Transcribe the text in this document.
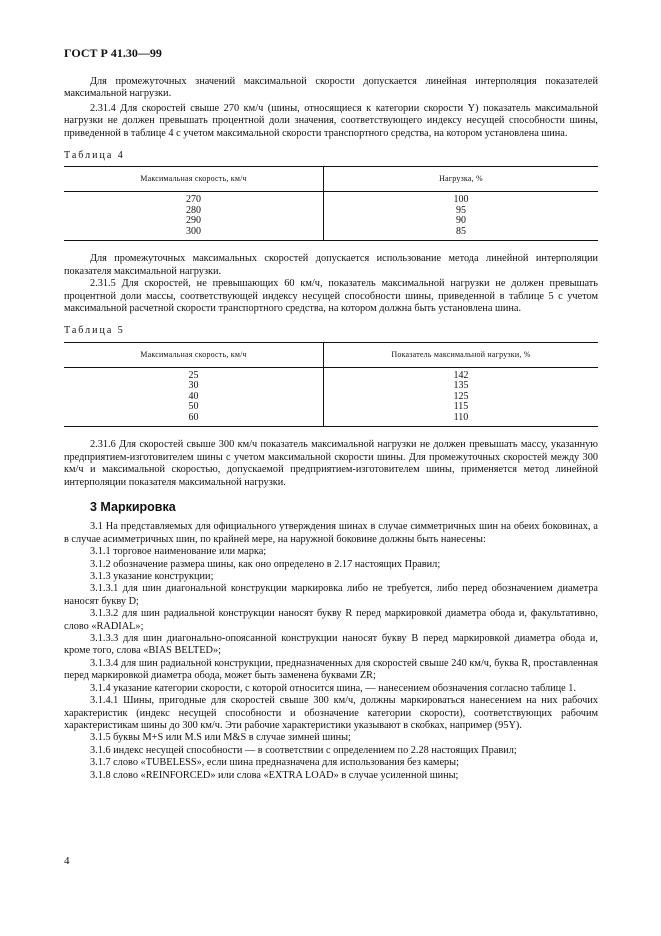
ГОСТ Р 41.30—99

Для промежуточных значений максимальной скорости допускается линейная интерполяция показателей максимальной нагрузки.

2.31.4 Для скоростей свыше 270 км/ч (шины, относящиеся к категории скорости Y) показатель максимальной нагрузки не должен превышать процентной доли значения, соответствующего индексу несущей способности шины, приведенной в таблице 4 с учетом максимальной скорости транспортного средства, на котором установлена шина.

Таблица 4

Максимальная скорость, км/ч	Нагрузка, %
270	100
280	95
290	90
300	85

Для промежуточных максимальных скоростей допускается использование метода линейной интерполяции показателя максимальной нагрузки.

2.31.5 Для скоростей, не превышающих 60 км/ч, показатель максимальной нагрузки не должен превышать процентной доли массы, соответствующей индексу несущей способности шины, приведенной в таблице 5 с учетом максимальной расчетной скорости транспортного средства, на котором должна быть установлена шина.

Таблица 5

Максимальная скорость, км/ч	Показатель максимальной нагрузки, %
25	142
30	135
40	125
50	115
60	110

2.31.6 Для скоростей свыше 300 км/ч показатель максимальной нагрузки не должен превышать массу, указанную предприятием-изготовителем шины с учетом максимальной скорости шины. Для промежуточных скоростей между 300 км/ч и максимальной скоростью, допускаемой предприятием-изготовителем шины, применяется метод линейной интерполяции показателя максимальной нагрузки.

3 Маркировка

3.1 На представляемых для официального утверждения шинах в случае симметричных шин на обеих боковинах, а в случае асимметричных шин, по крайней мере, на наружной боковине должны быть нанесены:

3.1.1 торговое наименование или марка;

3.1.2 обозначение размера шины, как оно определено в 2.17 настоящих Правил;

3.1.3 указание конструкции;

3.1.3.1 для шин диагональной конструкции маркировка либо не требуется, либо перед обозначением диаметра наносят букву D;

3.1.3.2 для шин радиальной конструкции наносят букву R перед маркировкой диаметра обода и, факультативно, слово «RADIAL»;

3.1.3.3 для шин диагонально-опоясанной конструкции наносят букву B перед маркировкой диаметра обода и, кроме того, слова «BIAS BELTED»;

3.1.3.4 для шин радиальной конструкции, предназначенных для скоростей свыше 240 км/ч, буква R, проставленная перед маркировкой диаметра обода, может быть заменена буквами ZR;

3.1.4 указание категории скорости, с которой относится шина, — нанесением обозначения согласно таблице 1.

3.1.4.1 Шины, пригодные для скоростей свыше 300 км/ч, должны маркироваться нанесением на них рабочих характеристик (индекс несущей способности и обозначение категории скорости), соответствующих рабочим характеристикам шины до 300 км/ч. Эти рабочие характеристики указывают в скобках, например (95Y).

3.1.5 буквы M+S или M.S или M&S в случае зимней шины;

3.1.6 индекс несущей способности — в соответствии с определением по 2.28 настоящих Правил;

3.1.7 слово «TUBELESS», если шина предназначена для использования без камеры;

3.1.8 слово «REINFORCED» или слова «EXTRA LOAD» в случае усиленной шины;

4
